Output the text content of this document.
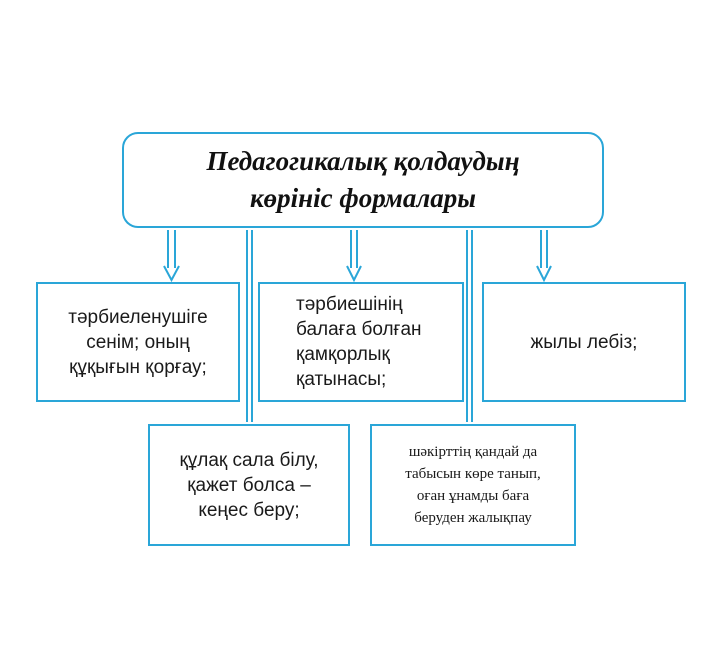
Педагогикалық қолдаудың
көрініс формалары
тәрбиеленушіге
сенім; оның
құқығын қорғау;
тәрбиешінің
балаға болған
қамқорлық
қатынасы;
жылы лебіз;
құлақ сала білу,
қажет болса –
кеңес беру;
шәкірттің қандай да
табысын көре танып,
оған ұнамды баға
беруден жалықпау
